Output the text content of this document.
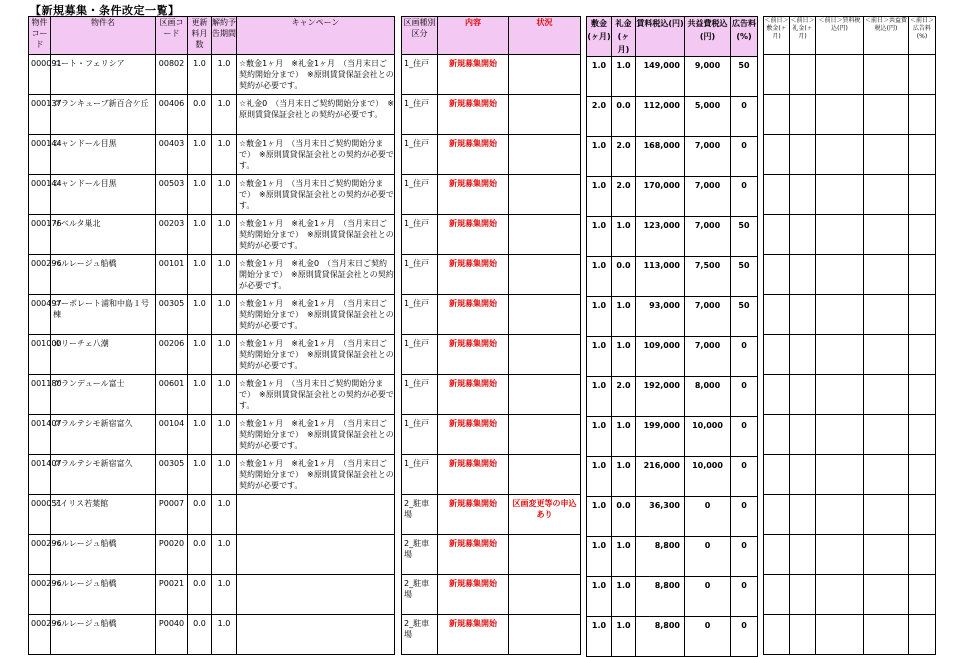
【新規募集・条件改定一覧】
物件コード	物件名	区画コード	更新料月数	解約予告期間	キャンペーン
000091	コート・フェリシア	00802	1.0	1.0	☆敷金1ヶ月　※礼金1ヶ月　（当月末日ご契約開始分まで）　※原則賃貸保証会社との契約が必要です。
000137	グランキューブ新百合ケ丘	00406	0.0	1.0	☆礼金0　（当月末日ご契約開始分まで）　※原則賃貸保証会社との契約が必要です。
000144	シャンドール目黒	00403	1.0	1.0	☆敷金1ヶ月　（当月末日ご契約開始分まで）　※原則賃貸保証会社との契約が必要です。
000144	シャンドール目黒	00503	1.0	1.0	☆敷金1ヶ月　（当月末日ご契約開始分まで）　※原則賃貸保証会社との契約が必要です。
000176	リベルタ巣北	00203	1.0	1.0	☆敷金1ヶ月　※礼金1ヶ月　（当月末日ご契約開始分まで）　※原則賃貸保証会社との契約が必要です。
000296	ベルレージュ船橋	00101	1.0	1.0	☆敷金1ヶ月　※礼金0　（当月末日ご契約開始分まで）　※原則賃貸保証会社との契約が必要です。
000497	コーポレート浦和中島１号棟	00305	1.0	1.0	☆敷金1ヶ月　※礼金1ヶ月　（当月末日ご契約開始分まで）　※原則賃貸保証会社との契約が必要です。
001000	カリーチェ八潮	00206	1.0	1.0	☆敷金1ヶ月　※礼金1ヶ月　（当月末日ご契約開始分まで）　※原則賃貸保証会社との契約が必要です。
001180	グランデュール富士	00601	1.0	1.0	☆敷金1ヶ月　（当月末日ご契約開始分まで）　※原則賃貸保証会社との契約が必要です。
001407	クラルテシモ新宿富久	00104	1.0	1.0	☆敷金1ヶ月　※礼金1ヶ月　（当月末日ご契約開始分まで）　※原則賃貸保証会社との契約が必要です。
001407	クラルテシモ新宿富久	00305	1.0	1.0	☆敷金1ヶ月　※礼金1ヶ月　（当月末日ご契約開始分まで）　※原則賃貸保証会社との契約が必要です。
000051	アイリス若葉館	P0007	0.0	1.0	
000296	ベルレージュ船橋	P0020	0.0	1.0	
000296	ベルレージュ船橋	P0021	0.0	1.0	
000296	ベルレージュ船橋	P0040	0.0	1.0	
区画種別区分	内容	状況
1_住戸	新規募集開始	
1_住戸	新規募集開始	
1_住戸	新規募集開始	
1_住戸	新規募集開始	
1_住戸	新規募集開始	
1_住戸	新規募集開始	
1_住戸	新規募集開始	
1_住戸	新規募集開始	
1_住戸	新規募集開始	
1_住戸	新規募集開始	
1_住戸	新規募集開始	
2_駐車場	新規募集開始	区画変更等の申込あり
2_駐車場	新規募集開始	
2_駐車場	新規募集開始	
2_駐車場	新規募集開始	
敷金(ヶ月)	礼金(ヶ月)	賃料税込(円)	共益費税込(円)	広告料(%)
1.0	1.0	149,000	9,000	50
2.0	0.0	112,000	5,000	0
1.0	2.0	168,000	7,000	0
1.0	2.0	170,000	7,000	0
1.0	1.0	123,000	7,000	50
1.0	0.0	113,000	7,500	50
1.0	1.0	93,000	7,000	50
1.0	1.0	109,000	7,000	0
1.0	2.0	192,000	8,000	0
1.0	1.0	199,000	10,000	0
1.0	1.0	216,000	10,000	0
1.0	0.0	36,300	0	0
1.0	1.0	8,800	0	0
1.0	1.0	8,800	0	0
1.0	1.0	8,800	0	0
＜前日＞敷金(ヶ月)	＜前日＞礼金(ヶ月)	＜前日＞賃料税込(円)	＜前日＞共益費税込(円)	＜前日＞広告料(%)
